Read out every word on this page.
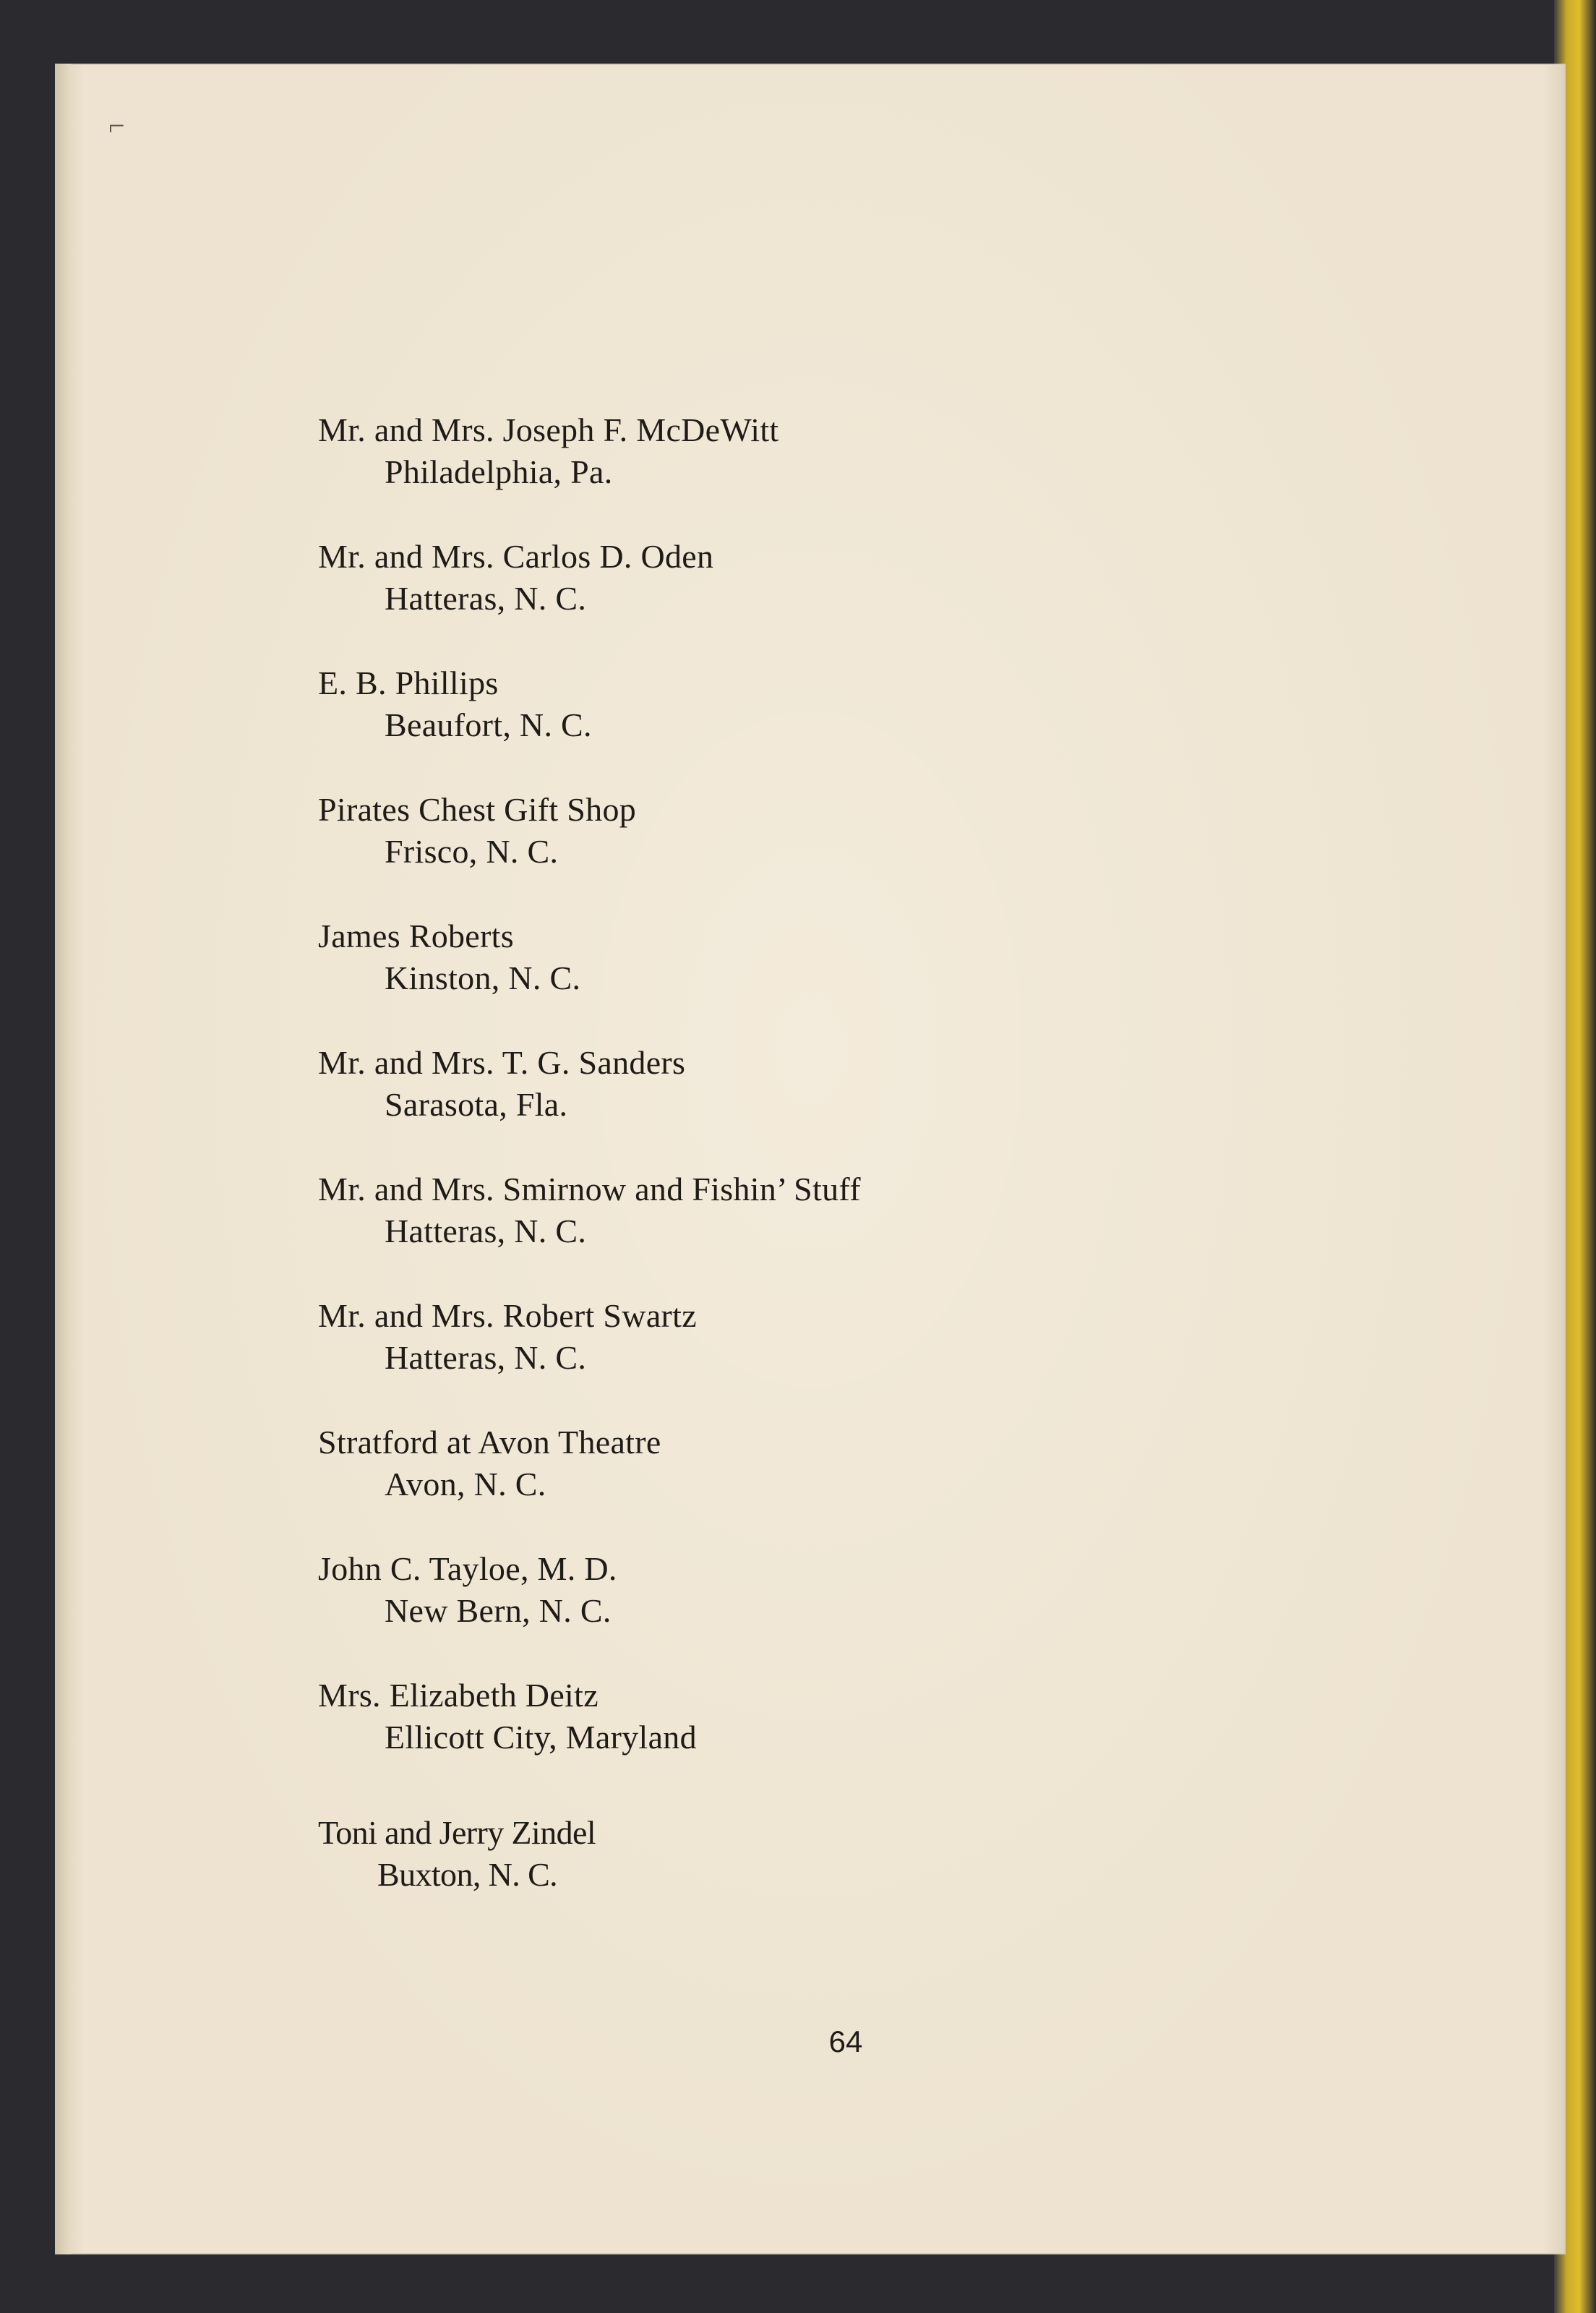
⌐
Mr. and Mrs. Joseph F. McDeWitt
Philadelphia, Pa.
Mr. and Mrs. Carlos D. Oden
Hatteras, N. C.
E. B. Phillips
Beaufort, N. C.
Pirates Chest Gift Shop
Frisco, N. C.
James Roberts
Kinston, N. C.
Mr. and Mrs. T. G. Sanders
Sarasota, Fla.
Mr. and Mrs. Smirnow and Fishin’ Stuff
Hatteras, N. C.
Mr. and Mrs. Robert Swartz
Hatteras, N. C.
Stratford at Avon Theatre
Avon, N. C.
John C. Tayloe, M. D.
New Bern, N. C.
Mrs. Elizabeth Deitz
Ellicott City, Maryland
Toni and Jerry Zindel
Buxton, N. C.
64
